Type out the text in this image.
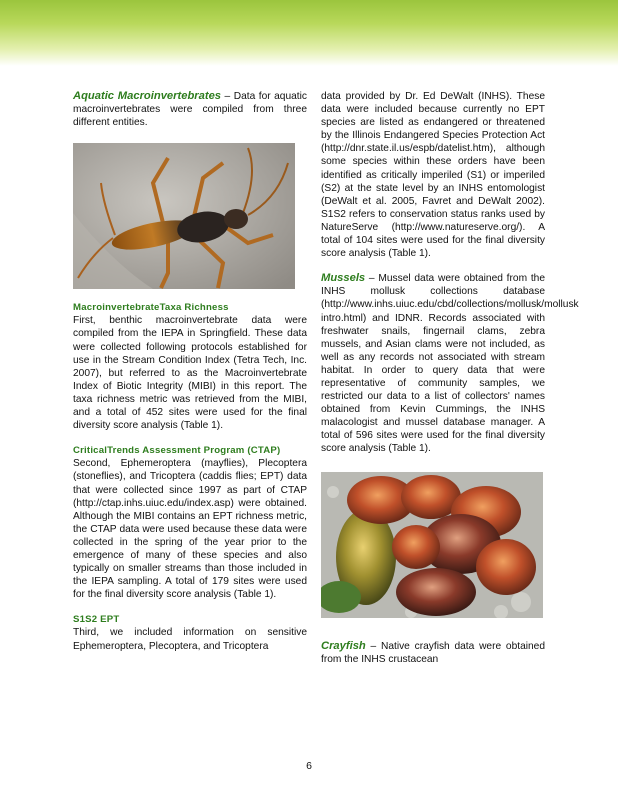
Aquatic Macroinvertebrates – Data for aquatic macroinvertebrates were compiled from three different entities.

MacroinvertebrateTaxa Richness

First, benthic macroinvertebrate data were compiled from the IEPA in Springfield. These data were collected following protocols established for use in the Stream Condition Index (Tetra Tech, Inc. 2007), but referred to as the Macroinvertebrate Index of Biotic Integrity (MIBI) in this report. The taxa richness metric was retrieved from the MIBI, and a total of 452 sites were used for the final diversity score analysis (Table 1).

CriticalTrends Assessment Program (CTAP)

Second, Ephemeroptera (mayflies), Plecoptera (stoneflies), and Tricoptera (caddis flies; EPT) data that were collected since 1997 as part of CTAP (http://ctap.inhs.uiuc.edu/index.asp) were obtained. Although the MIBI contains an EPT richness metric, the CTAP data were used because these data were collected in the spring of the year prior to the emergence of many of these species and also typically on smaller streams than those included in the IEPA sampling. A total of 179 sites were used for the final diversity score analysis (Table 1).

S1S2 EPT

Third, we included information on sensitive Ephemeroptera, Plecoptera, and Tricoptera

data provided by Dr. Ed DeWalt (INHS). These data were included because currently no EPT species are listed as endangered or threatened by the Illinois Endangered Species Protection Act (http://dnr.state.il.us/espb/datelist.htm), although some species within these orders have been identified as critically imperiled (S1) or imperiled (S2) at the state level by an INHS entomologist (DeWalt et al. 2005, Favret and DeWalt 2002). S1S2 refers to conservation status ranks used by NatureServe (http://www.natureserve.org/). A total of 104 sites were used for the final diversity score analysis (Table 1).

Mussels – Mussel data were obtained from the INHS mollusk collections database (http://www.inhs.uiuc.edu/cbd/collections/mollusk/mollusk intro.html) and IDNR. Records associated with freshwater snails, fingernail clams, zebra mussels, and Asian clams were not included, as well as any records not associated with stream habitat. In order to query data that were representative of community samples, we restricted our data to a list of collectors' names obtained from Kevin Cummings, the INHS malacologist and mussel database manager. A total of 596 sites were used for the final diversity score analysis (Table 1).

Crayfish – Native crayfish data were obtained from the INHS crustacean

6
